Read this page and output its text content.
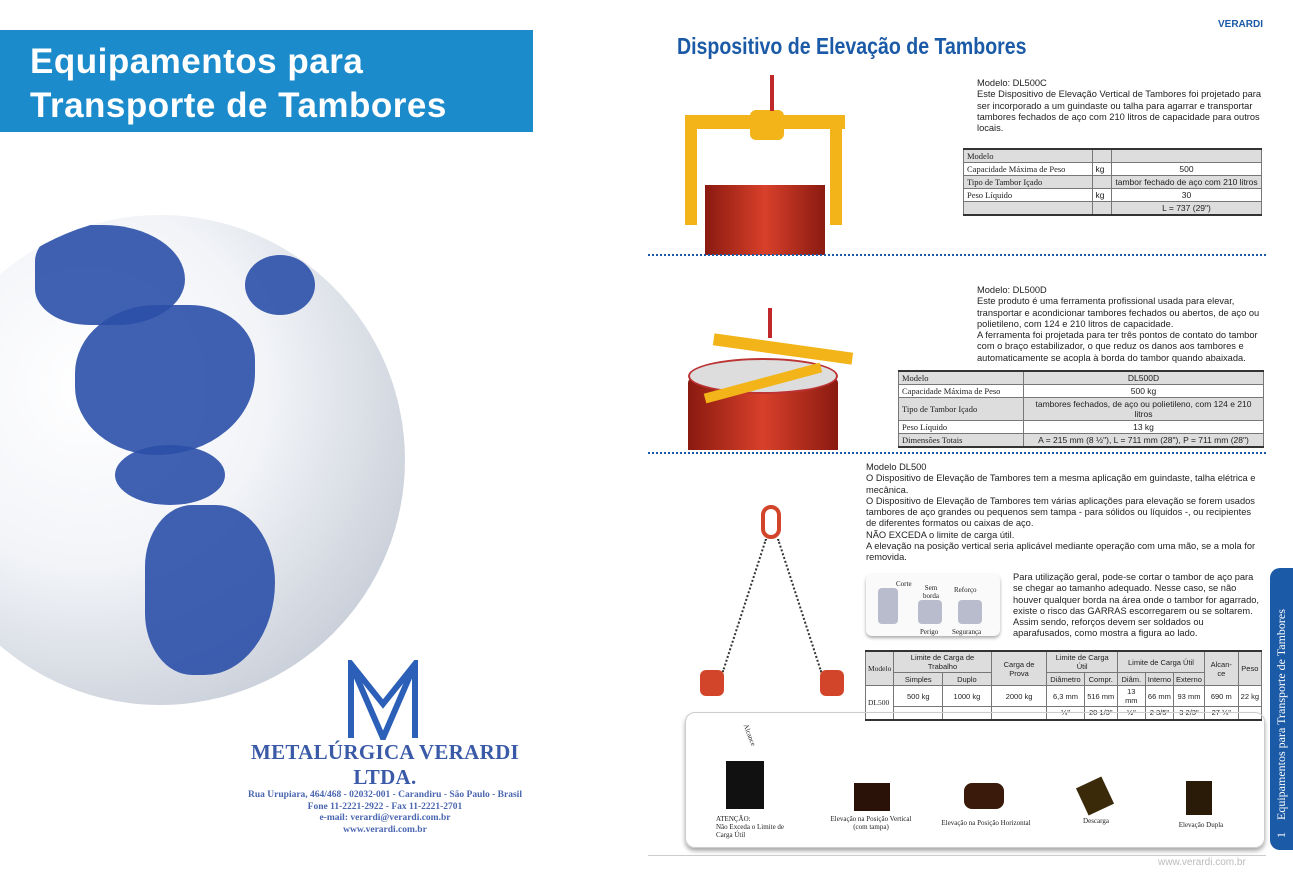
Equipamentos para
Transporte de Tambores
METALÚRGICA VERARDI LTDA.
Rua Urupiara, 464/468 - 02032-001 - Carandiru - São Paulo - Brasil
Fone 11-2221-2922 - Fax 11-2221-2701
e-mail: verardi@verardi.com.br
www.verardi.com.br
VERARDI
Dispositivo de Elevação de Tambores
Modelo: DL500C
Este Dispositivo de Elevação Vertical de Tambores foi projetado para ser incorporado a um guindaste ou talha para agarrar e transportar tambores fechados de aço com 210 litros de capacidade para outros locais.
Modelo		
Capacidade Máxima de Peso	kg	500
Tipo de Tambor Içado		tambor fechado de aço com 210 litros
Peso Líquido	kg	30
		L = 737 (29")
Modelo: DL500D
Este produto é uma ferramenta profissional usada para elevar, transportar e acondicionar tambores fechados ou abertos, de aço ou polietileno, com 124 e 210 litros de capacidade.
A ferramenta foi projetada para ter três pontos de contato do tambor com o braço estabilizador, o que reduz os danos aos tambores e automaticamente se acopla à borda do tambor quando abaixada.
Modelo	DL500D
Capacidade Máxima de Peso	500 kg
Tipo de Tambor Içado	tambores fechados, de aço ou polietileno, com 124 e 210 litros
Peso Líquido	13 kg
Dimensões Totais	A = 215 mm (8 ½"), L = 711 mm (28"), P = 711 mm (28")
Modelo DL500
O Dispositivo de Elevação de Tambores tem a mesma aplicação em guindaste, talha elétrica e mecânica.
O Dispositivo de Elevação de Tambores tem várias aplicações para elevação se forem usados tambores de aço grandes ou pequenos sem tampa - para sólidos ou líquidos -, ou recipientes de diferentes formatos ou caixas de aço.
NÃO EXCEDA o limite de carga útil.
A elevação na posição vertical seria aplicável mediante operação com uma mão, se a mola for removida.
Corte	Sem borda
Reforço
Perigo Segurança
Para utilização geral, pode-se cortar o tambor de aço para se chegar ao tamanho adequado. Nesse caso, se não houver qualquer borda na área onde o tambor for agarrado, existe o risco das GARRAS escorregarem ou se soltarem. Assim sendo, reforços devem ser soldados ou aparafusados, como mostra a figura ao lado.
Modelo	Limite de Carga de Trabalho		Carga de Prova	Limite de Carga Útil		Limite de Carga Útil			Alcan-ce	Peso
	Simples	Duplo		Diâmetro	Compr.	Diâm.	Interno	Externo		
DL500	500 kg	1000 kg	2000 kg	6,3 mm	516 mm	13 mm	66 mm	93 mm	690 m	22 kg
				¼"	20 1/3"	½"	2 3/5"	3 2/3"	27 ¼"	
Alcance
ATENÇÃO:
Não Exceda o Limite de Carga Útil
Elevação na Posição Vertical (com tampa)	Elevação na Posição Horizontal	Descarga	Elevação Dupla
www.verardi.com.br
1    Equipamentos para Transporte de Tambores
